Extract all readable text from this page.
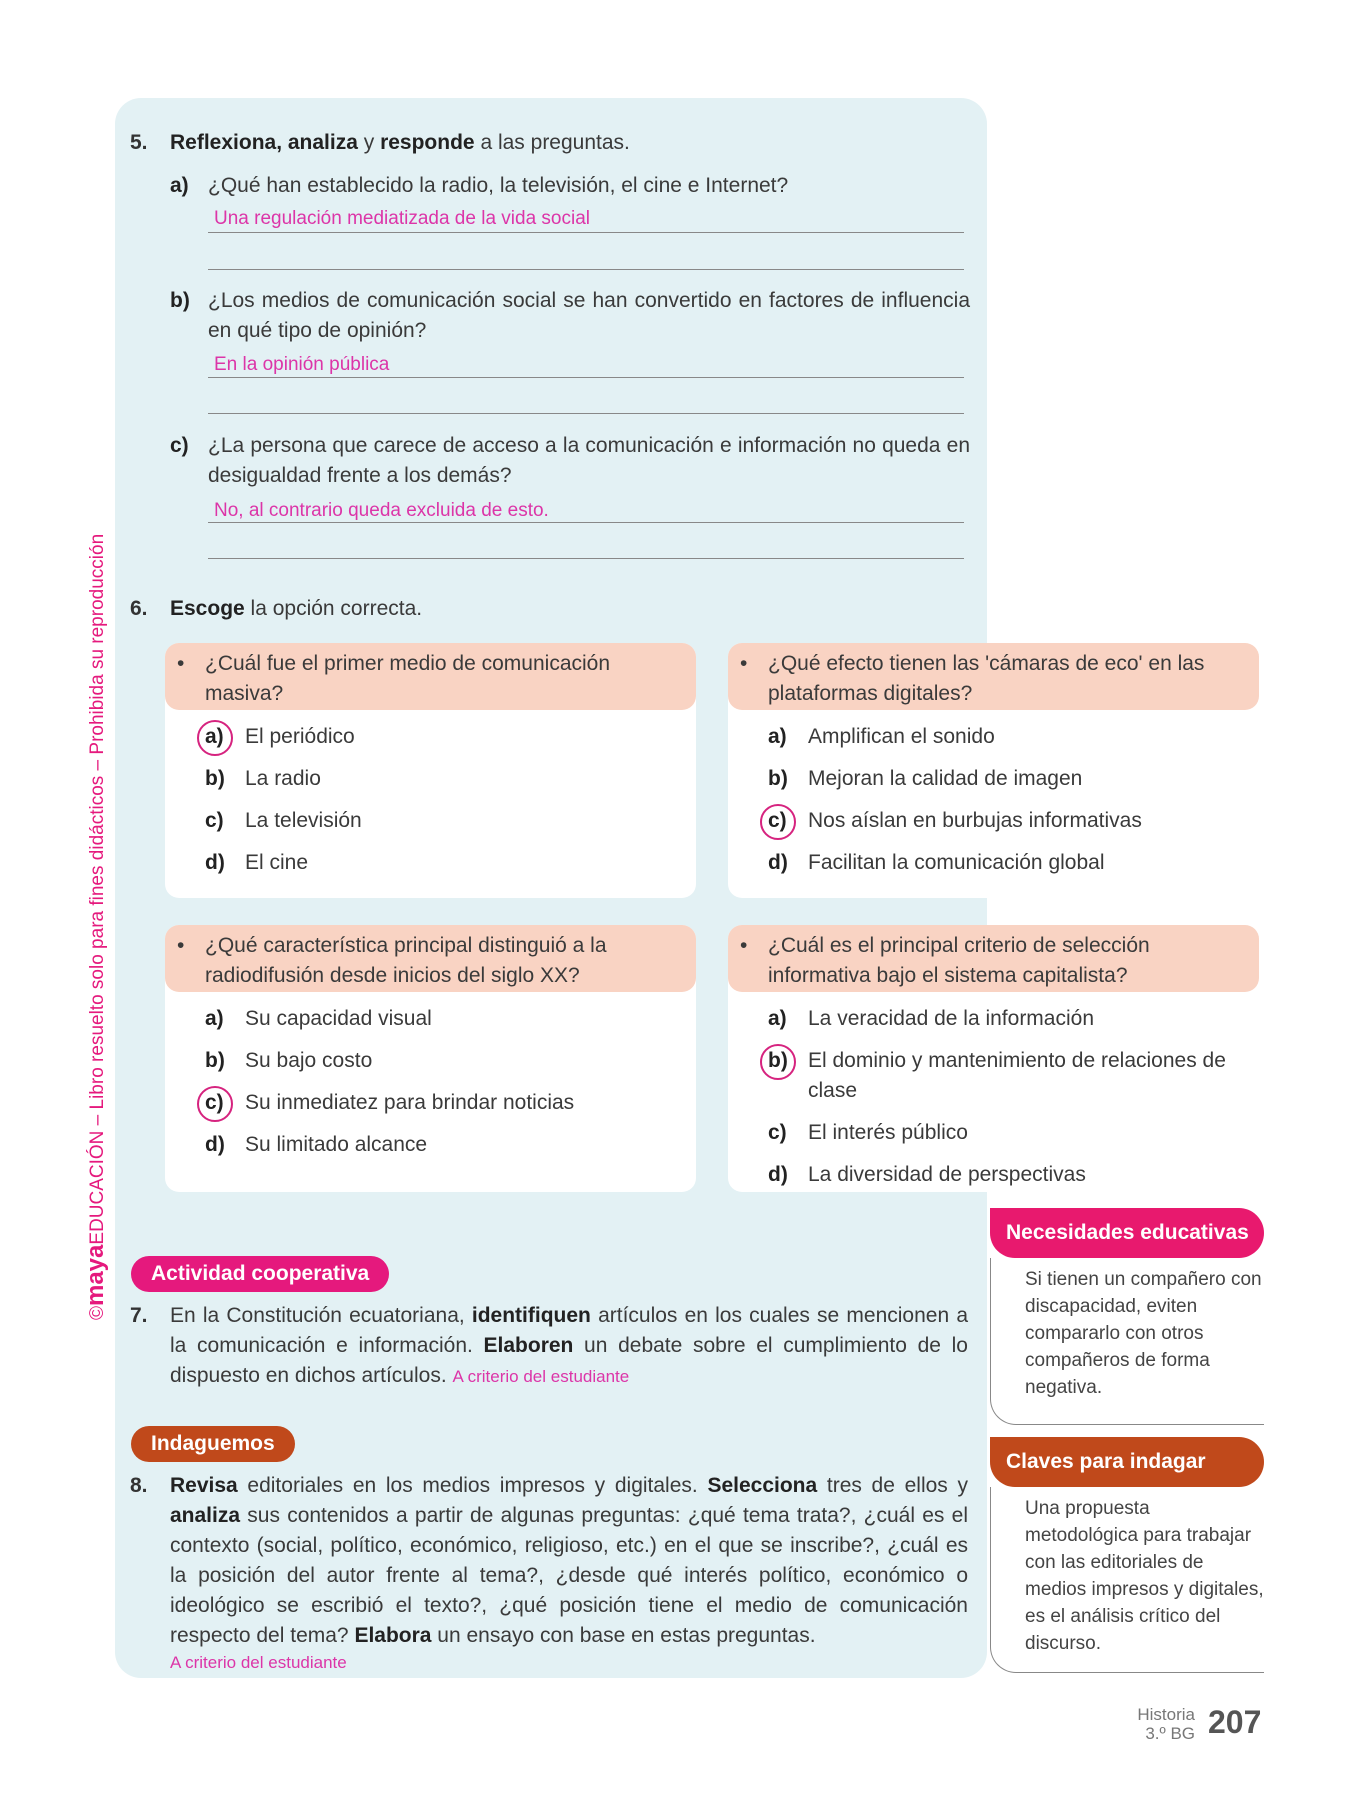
©mayaEDUCACIÓN – Libro resuelto solo para fines didácticos – Prohibida su reproducción
5. Reflexiona, analiza y responde a las preguntas.
a) ¿Qué han establecido la radio, la televisión, el cine e Internet?
Una regulación mediatizada de la vida social
b) ¿Los medios de comunicación social se han convertido en factores de influencia en qué tipo de opinión?
En la opinión pública
c) ¿La persona que carece de acceso a la comunicación e información no queda en desigualdad frente a los demás?
No, al contrario queda excluida de esto.
6. Escoge la opción correcta.
• ¿Cuál fue el primer medio de comunicación masiva?
a) El periódico
b) La radio
c) La televisión
d) El cine
• ¿Qué efecto tienen las 'cámaras de eco' en las plataformas digitales?
a) Amplifican el sonido
b) Mejoran la calidad de imagen
c) Nos aíslan en burbujas informativas
d) Facilitan la comunicación global
• ¿Qué característica principal distinguió a la radiodifusión desde inicios del siglo XX?
a) Su capacidad visual
b) Su bajo costo
c) Su inmediatez para brindar noticias
d) Su limitado alcance
• ¿Cuál es el principal criterio de selección informativa bajo el sistema capitalista?
a) La veracidad de la información
b) El dominio y mantenimiento de relaciones de clase
c) El interés público
d) La diversidad de perspectivas
Actividad cooperativa
7. En la Constitución ecuatoriana, identifiquen artículos en los cuales se mencionen a la comunicación e información. Elaboren un debate sobre el cumplimiento de lo dispuesto en dichos artículos. A criterio del estudiante
Indaguemos
8. Revisa editoriales en los medios impresos y digitales. Selecciona tres de ellos y analiza sus contenidos a partir de algunas preguntas: ¿qué tema trata?, ¿cuál es el contexto (social, político, económico, religioso, etc.) en el que se inscribe?, ¿cuál es la posición del autor frente al tema?, ¿desde qué interés político, económico o ideológico se escribió el texto?, ¿qué posición tiene el medio de comunicación respecto del tema? Elabora un ensayo con base en estas preguntas.
A criterio del estudiante
Necesidades educativas
Si tienen un compañero con discapacidad, eviten compararlo con otros compañeros de forma negativa.
Claves para indagar
Una propuesta metodológica para trabajar con las editoriales de medios impresos y digitales, es el análisis crítico del discurso.
Historia
3.º BG 207
